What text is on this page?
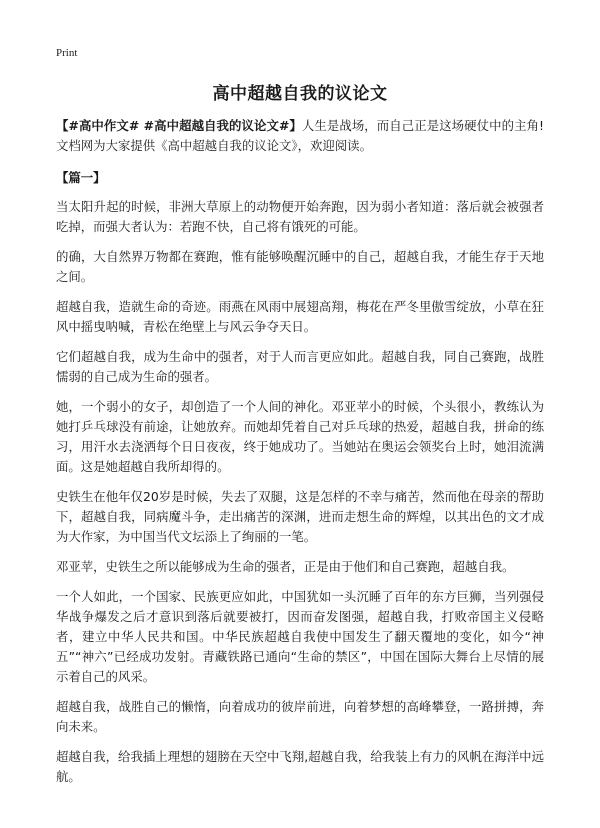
Print
高中超越自我的议论文

【#高中作文# #高中超越自我的议论文#】人生是战场，而自己正是这场硬仗中的主角!文档网为大家提供《高中超越自我的议论文》，欢迎阅读。

【篇一】

当太阳升起的时候，非洲大草原上的动物便开始奔跑，因为弱小者知道：落后就会被强者吃掉，而强大者认为：若跑不快，自己将有饿死的可能。

的确，大自然界万物都在赛跑，惟有能够唤醒沉睡中的自己，超越自我，才能生存于天地之间。

超越自我，造就生命的奇迹。雨燕在风雨中展翅高翔，梅花在严冬里傲雪绽放，小草在狂风中摇曳呐喊，青松在绝壁上与风云争夺天日。

它们超越自我，成为生命中的强者，对于人而言更应如此。超越自我，同自己赛跑，战胜懦弱的自己成为生命的强者。

她，一个弱小的女子，却创造了一个人间的神化。邓亚苹小的时候，个头很小，教练认为她打乒乓球没有前途，让她放弃。而她却凭着自己对乒乓球的热爱，超越自我，拼命的练习，用汗水去浇洒每个日日夜夜，终于她成功了。当她站在奥运会领奖台上时，她泪流满面。这是她超越自我所却得的。

史铁生在他年仅20岁是时候，失去了双腿，这是怎样的不幸与痛苦，然而他在母亲的帮助下，超越自我，同病魔斗争，走出痛苦的深渊，进而走想生命的辉煌，以其出色的文才成为大作家，为中国当代文坛添上了绚丽的一笔。

邓亚苹，史铁生之所以能够成为生命的强者，正是由于他们和自己赛跑，超越自我。

一个人如此，一个国家、民族更应如此，中国犹如一头沉睡了百年的东方巨狮，当列强侵华战争爆发之后才意识到落后就要被打，因而奋发图强，超越自我，打败帝国主义侵略者，建立中华人民共和国。中华民族超越自我使中国发生了翻天覆地的变化，如今“神五”“神六”已经成功发射。青藏铁路已通向“生命的禁区”，中国在国际大舞台上尽情的展示着自己的风采。

超越自我，战胜自己的懒惰，向着成功的彼岸前进，向着梦想的高峰攀登，一路拼搏，奔向未来。

超越自我，给我插上理想的翅膀在天空中飞翔,超越自我，给我装上有力的风帆在海洋中远航。
